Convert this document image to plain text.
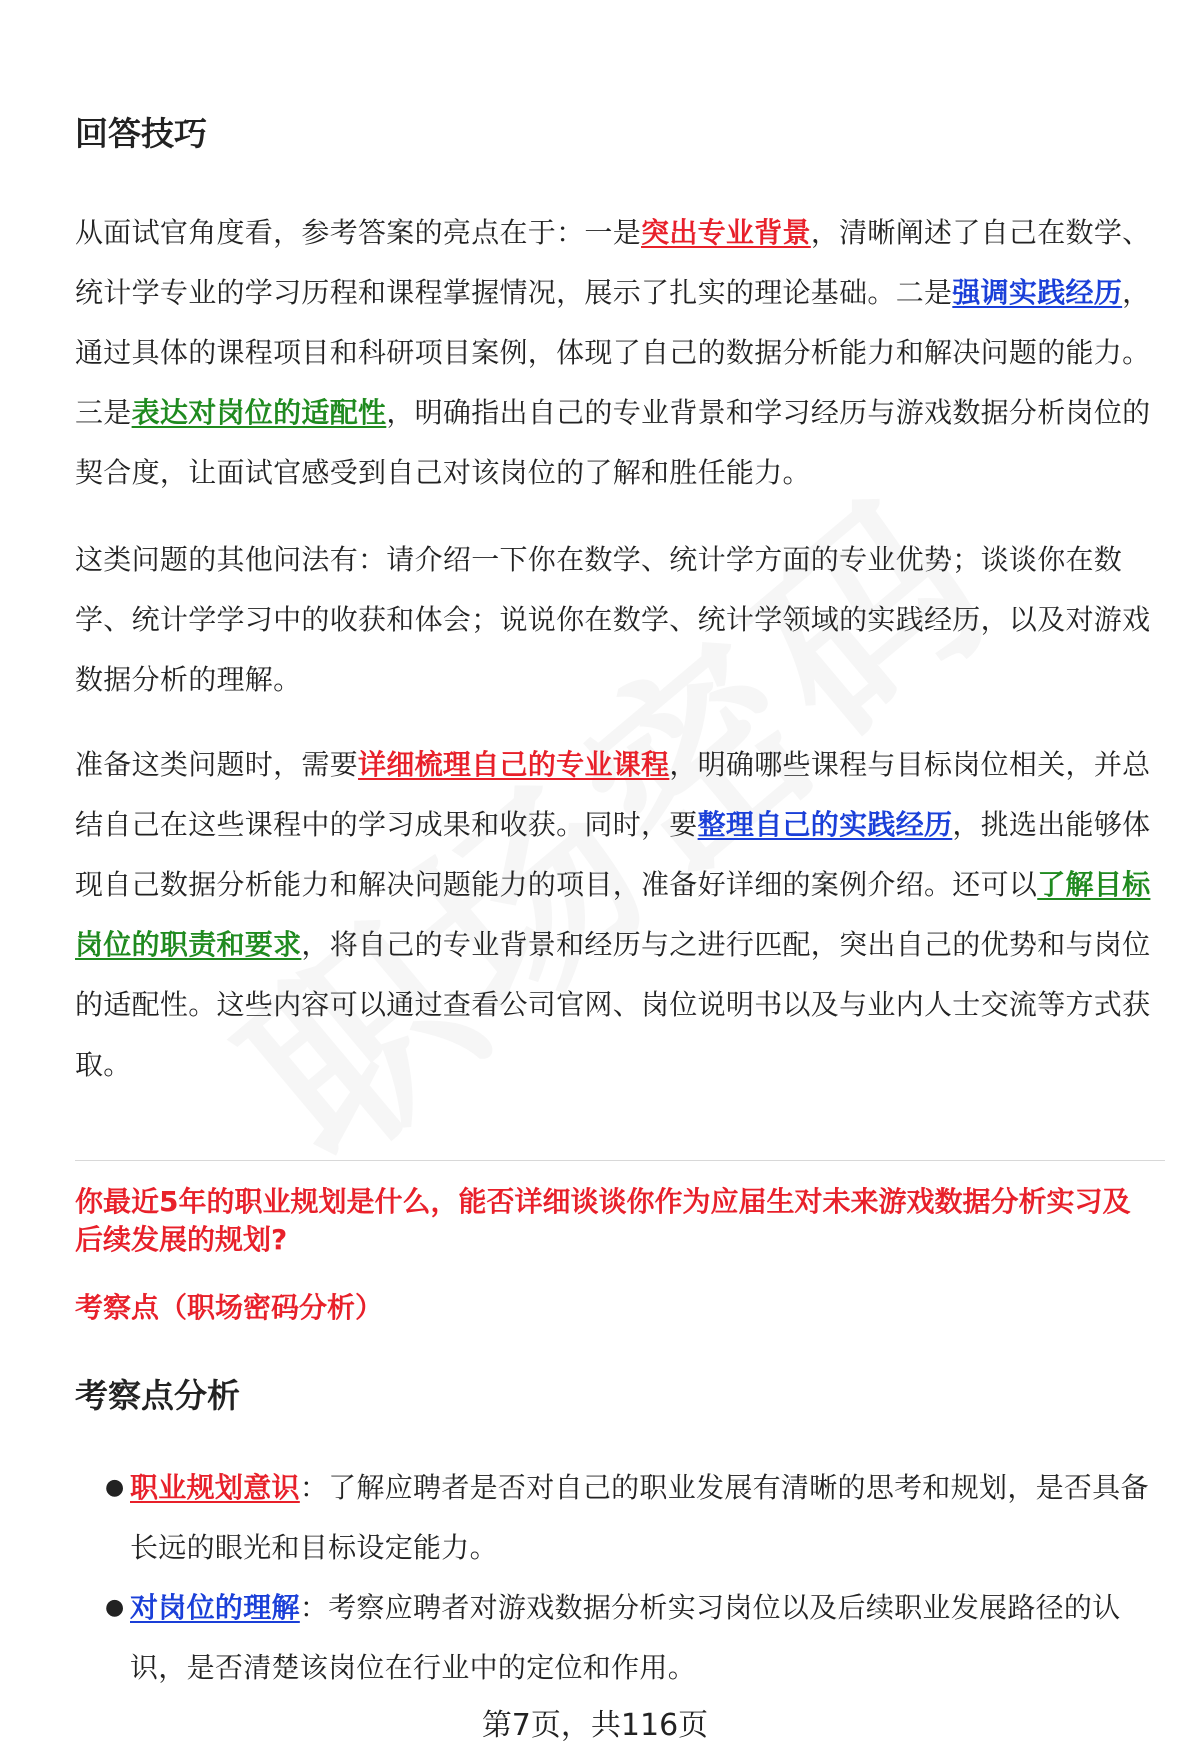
回答技巧

从面试官角度看，参考答案的亮点在于：一是突出专业背景，清晰阐述了自己在数学、统计学专业的学习历程和课程掌握情况，展示了扎实的理论基础。二是强调实践经历，通过具体的课程项目和科研项目案例，体现了自己的数据分析能力和解决问题的能力。三是表达对岗位的适配性，明确指出自己的专业背景和学习经历与游戏数据分析岗位的契合度，让面试官感受到自己对该岗位的了解和胜任能力。

这类问题的其他问法有：请介绍一下你在数学、统计学方面的专业优势；谈谈你在数学、统计学学习中的收获和体会；说说你在数学、统计学领域的实践经历，以及对游戏数据分析的理解。

准备这类问题时，需要详细梳理自己的专业课程，明确哪些课程与目标岗位相关，并总结自己在这些课程中的学习成果和收获。同时，要整理自己的实践经历，挑选出能够体现自己数据分析能力和解决问题能力的项目，准备好详细的案例介绍。还可以了解目标岗位的职责和要求，将自己的专业背景和经历与之进行匹配，突出自己的优势和与岗位的适配性。这些内容可以通过查看公司官网、岗位说明书以及与业内人士交流等方式获取。

你最近5年的职业规划是什么，能否详细谈谈你作为应届生对未来游戏数据分析实习及后续发展的规划?

考察点（职场密码分析）

考察点分析
● 职业规划意识：了解应聘者是否对自己的职业发展有清晰的思考和规划，是否具备长远的眼光和目标设定能力。
● 对岗位的理解：考察应聘者对游戏数据分析实习岗位以及后续职业发展路径的认识，是否清楚该岗位在行业中的定位和作用。
第7页，共116页
